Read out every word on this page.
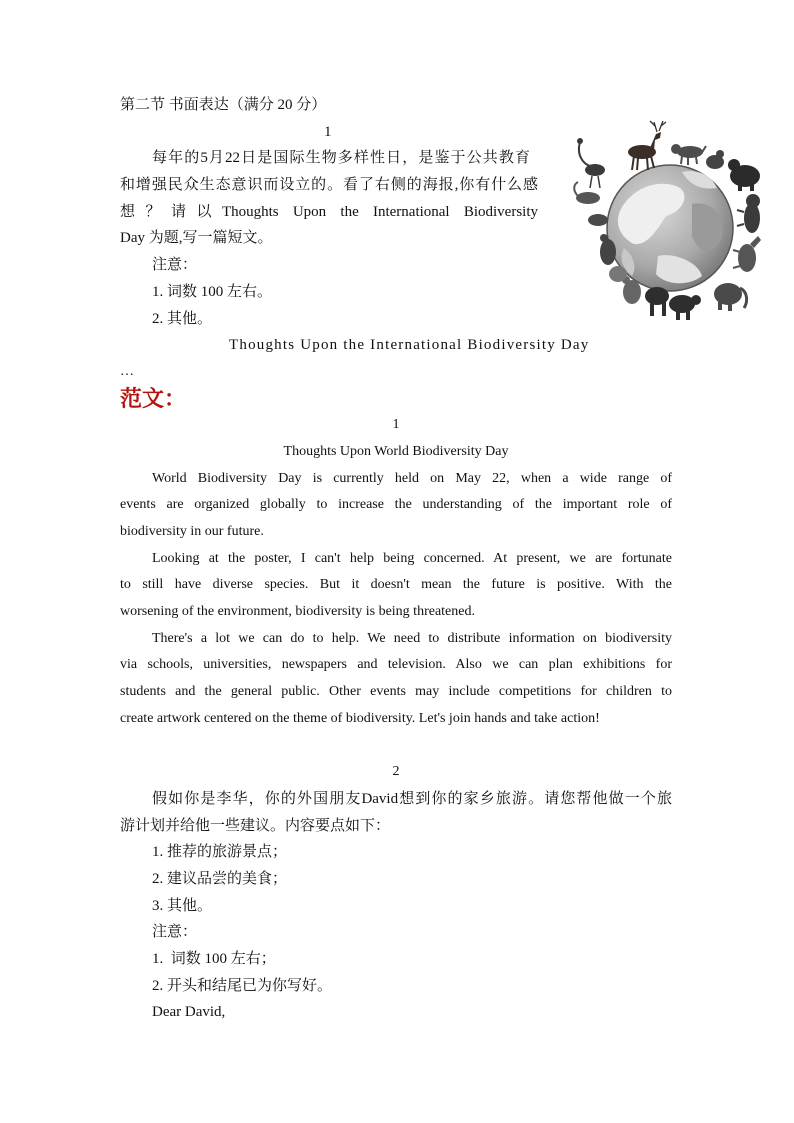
第二节 书面表达（满分 20 分）
1
每年的5月22日是国际生物多样性日，是鉴于公共教育
和增强民众生态意识而设立的。看了右侧的海报,你有什么感
想？请以Thoughts Upon the International Biodiversity
Day 为题,写一篇短文。
注意：
1. 词数 100 左右。
2. 其他。
Thoughts Upon the International Biodiversity Day
…
范文：
1
Thoughts Upon World Biodiversity Day
World Biodiversity Day is currently held on May 22, when a wide range of
events are organized globally to increase the understanding of the important role of
biodiversity in our future.
Looking at the poster, I can't help being concerned. At present, we are fortunate
to still have diverse species. But it doesn't mean the future is positive. With the
worsening of the environment, biodiversity is being threatened.
There's a lot we can do to help. We need to distribute information on biodiversity
via schools, universities, newspapers and television. Also we can plan exhibitions for
students and the general public. Other events may include competitions for children to
create artwork centered on the theme of biodiversity. Let's join hands and take action!
2
假如你是李华，你的外国朋友David想到你的家乡旅游。请您帮他做一个旅
游计划并给他一些建议。内容要点如下：
1. 推荐的旅游景点；
2. 建议品尝的美食；
3. 其他。
注意：
1.  词数 100 左右；
2. 开头和结尾已为你写好。
Dear David,
